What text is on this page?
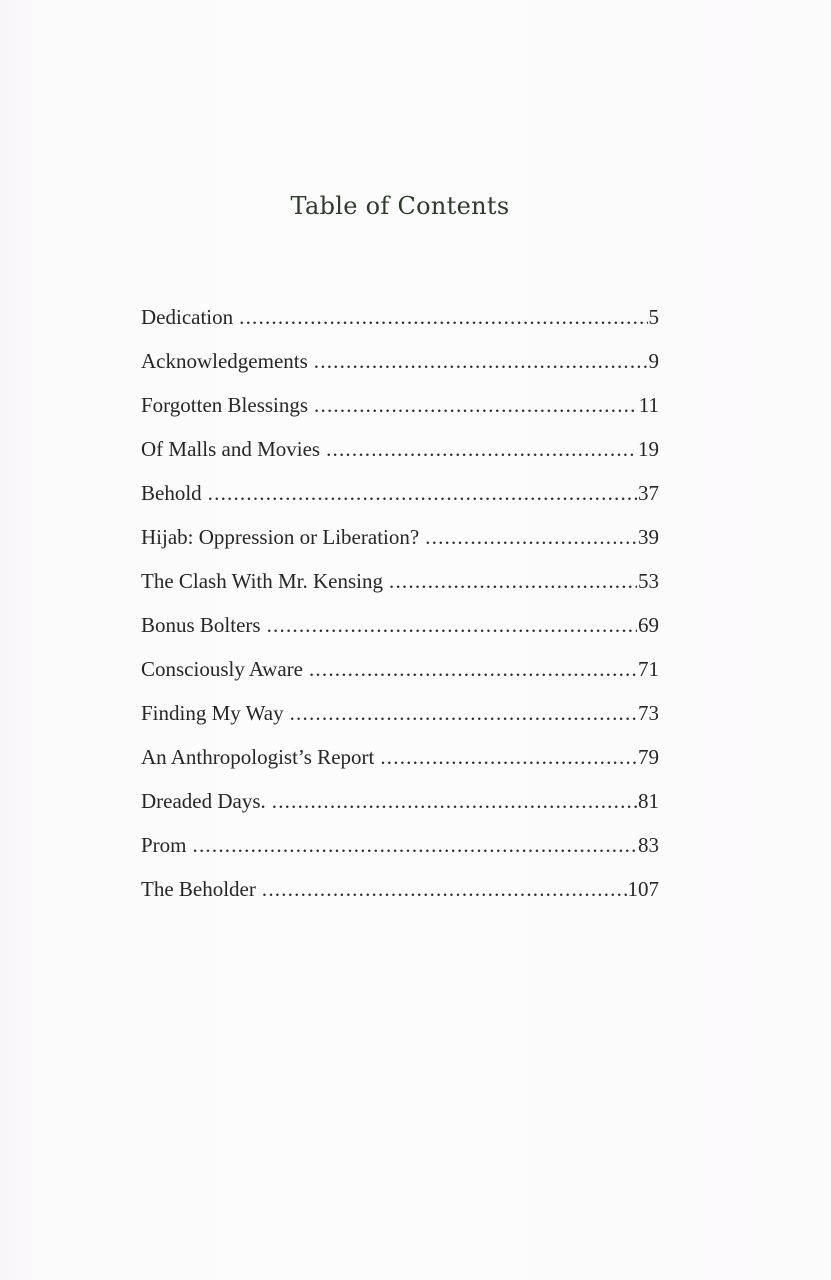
Table of Contents
Dedication .....	5
Acknowledgements .....	9
Forgotten Blessings .....	11
Of Malls and Movies .....	19
Behold .....	37
Hijab: Oppression or Liberation? .....	39
The Clash With Mr. Kensing .....	53
Bonus Bolters .....	69
Consciously Aware .....	71
Finding My Way .....	73
An Anthropologist’s Report .....	79
Dreaded Days. .....	81
Prom .....	83
The Beholder .....	107
